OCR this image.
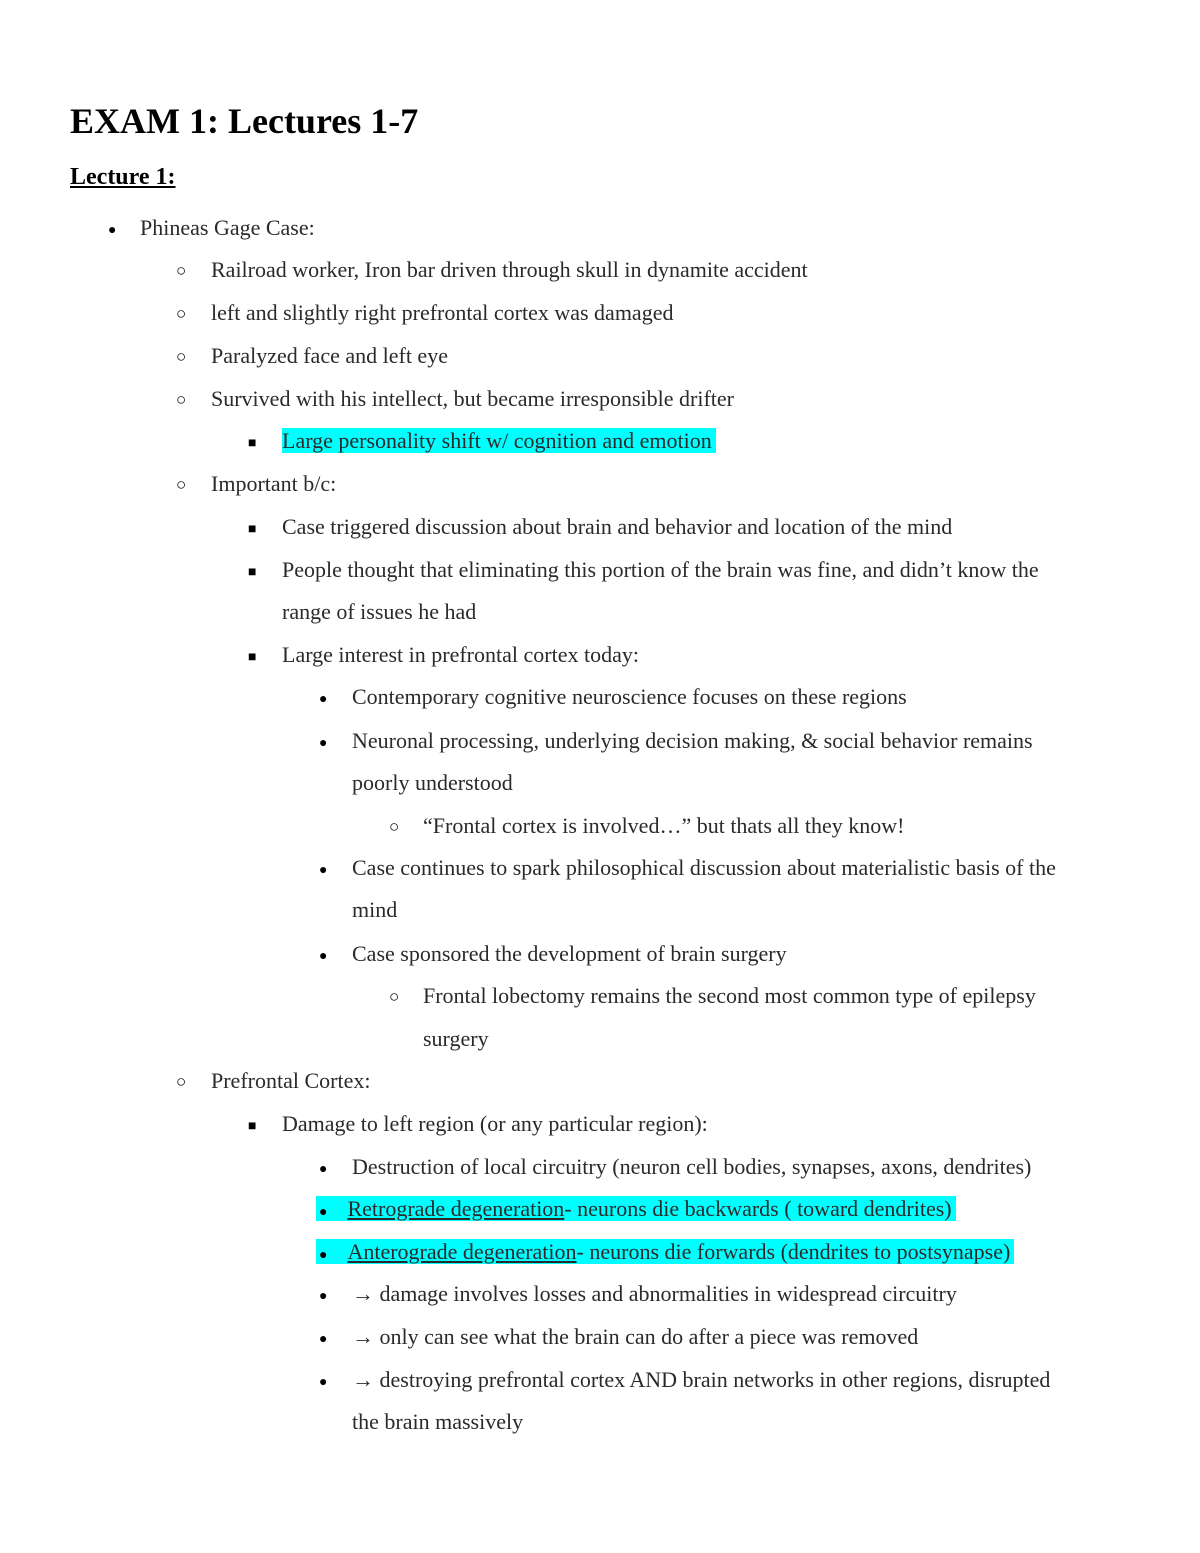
EXAM 1: Lectures 1-7
Lecture 1:
●
Phineas Gage Case:
○
Railroad worker, Iron bar driven through skull in dynamite accident
○
left and slightly right prefrontal cortex was damaged
○
Paralyzed face and left eye
○
Survived with his intellect, but became irresponsible drifter
■
Large personality shift w/ cognition and emotion
○
Important b/c:
■
Case triggered discussion about brain and behavior and location of the mind
■
People thought that eliminating this portion of the brain was fine, and didn’t know the
range of issues he had
■
Large interest in prefrontal cortex today:
●
Contemporary cognitive neuroscience focuses on these regions
●
Neuronal processing, underlying decision making, & social behavior remains
poorly understood
○
“Frontal cortex is involved…” but thats all they know!
●
Case continues to spark philosophical discussion about materialistic basis of the
mind
●
Case sponsored the development of brain surgery
○
Frontal lobectomy remains the second most common type of epilepsy
surgery
○
Prefrontal Cortex:
■
Damage to left region (or any particular region):
●
Destruction of local circuitry (neuron cell bodies, synapses, axons, dendrites)
● Retrograde degeneration- neurons die backwards ( toward dendrites)
● Anterograde degeneration- neurons die forwards (dendrites to postsynapse)
●
→ damage involves losses and abnormalities in widespread circuitry
●
→ only can see what the brain can do after a piece was removed
●
→ destroying prefrontal cortex AND brain networks in other regions, disrupted
the brain massively
